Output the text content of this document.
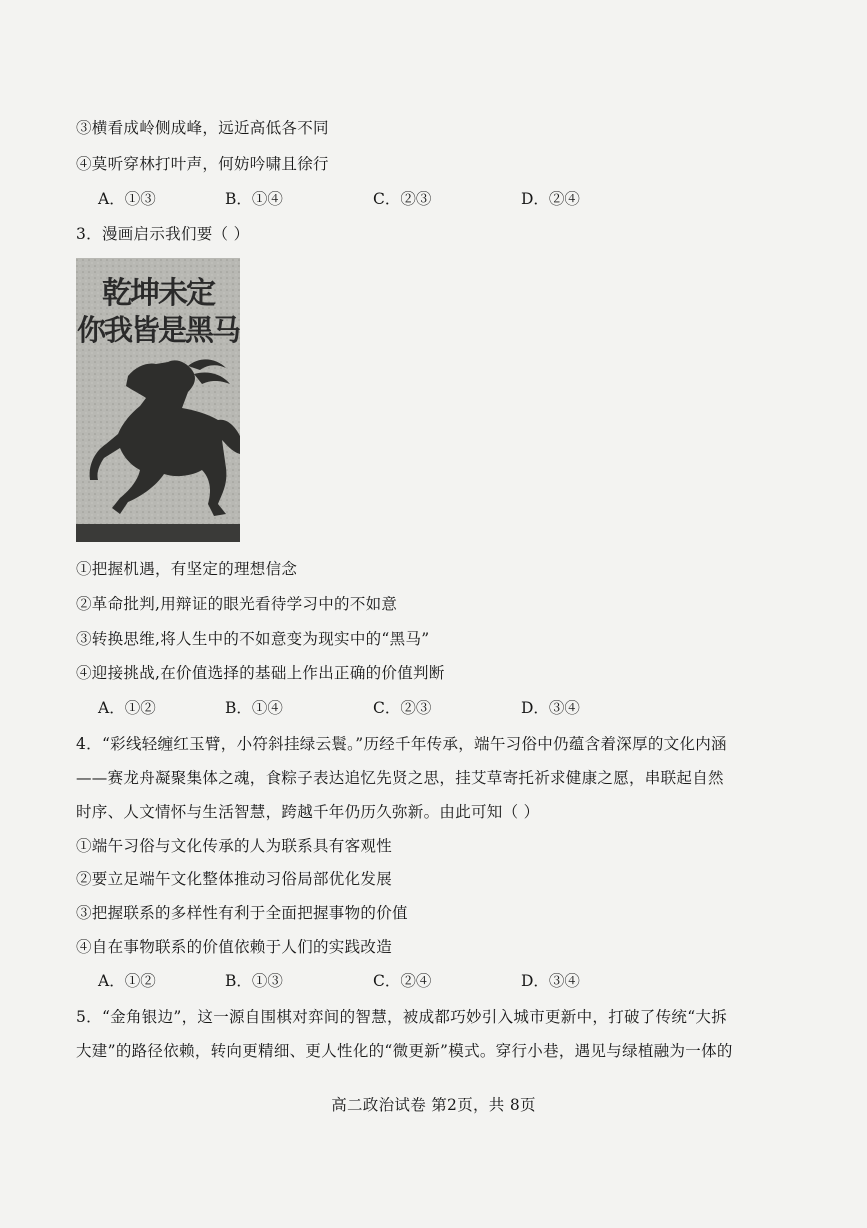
③横看成岭侧成峰，远近高低各不同
④莫听穿林打叶声，何妨吟啸且徐行
A．①③	B．①④	C．②③	D．②④
3．漫画启示我们要（ ）
乾坤未定
你我皆是黑马
①把握机遇，有坚定的理想信念
②革命批判,用辩证的眼光看待学习中的不如意
③转换思维,将人生中的不如意变为现实中的“黑马”
④迎接挑战,在价值选择的基础上作出正确的价值判断
A．①②	B．①④	C．②③	D．③④
4．“彩线轻缠红玉臂，小符斜挂绿云鬟。”历经千年传承，端午习俗中仍蕴含着深厚的文化内涵
——赛龙舟凝聚集体之魂，食粽子表达追忆先贤之思，挂艾草寄托祈求健康之愿，串联起自然
时序、人文情怀与生活智慧，跨越千年仍历久弥新。由此可知（ ）
①端午习俗与文化传承的人为联系具有客观性
②要立足端午文化整体推动习俗局部优化发展
③把握联系的多样性有利于全面把握事物的价值
④自在事物联系的价值依赖于人们的实践改造
A．①②	B．①③	C．②④	D．③④
5．“金角银边”，这一源自围棋对弈间的智慧，被成都巧妙引入城市更新中，打破了传统“大拆
大建”的路径依赖，转向更精细、更人性化的“微更新”模式。穿行小巷，遇见与绿植融为一体的
高二政治试卷 第2页，共 8页
